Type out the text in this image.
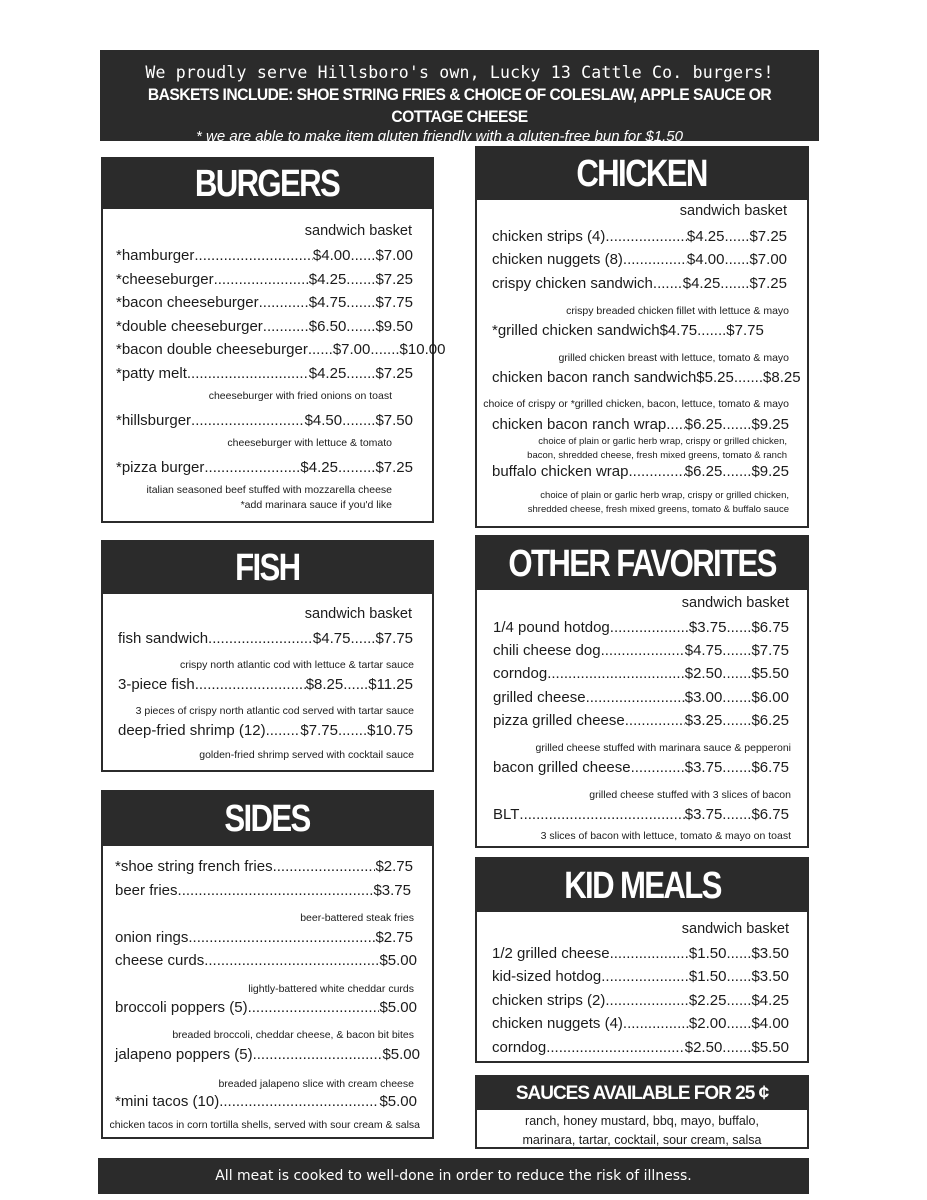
We proudly serve Hillsboro's own, Lucky 13 Cattle Co. burgers!
BASKETS INCLUDE: SHOE STRING FRIES & CHOICE OF COLESLAW, APPLE SAUCE OR COTTAGE CHEESE
* we are able to make item gluten friendly with a gluten-free bun for $1.50
BURGERS
sandwich basket
*hamburger .....	$4.00......$7.00
*cheeseburger .....	$4.25.......$7.25
*bacon cheeseburger .....	$4.75.......$7.75
*double cheeseburger .....	$6.50.......$9.50
*bacon double cheeseburger ......$7.00.......$10.00
*patty melt .....	$4.25.......$7.25
cheeseburger with fried onions on toast
*hillsburger .....	$4.50........$7.50
cheeseburger with lettuce & tomato
*pizza burger .....	$4.25.........$7.25
italian seasoned beef stuffed with mozzarella cheese
*add marinara sauce if you'd like
FISH
sandwich basket
fish sandwich .....	$4.75......$7.75
crispy north atlantic cod with lettuce & tartar sauce
3-piece fish .....	$8.25......$11.25
3 pieces of crispy north atlantic cod served with tartar sauce
deep-fried shrimp (12) ..... $7.75.......$10.75
golden-fried shrimp served with cocktail sauce
SIDES
*shoe string french fries .....	$2.75
beer fries .....	$3.75
beer-battered steak fries
onion rings .....	$2.75
cheese curds .....	$5.00
lightly-battered white cheddar curds
broccoli poppers (5) .....	$5.00
breaded broccoli, cheddar cheese, & bacon bit bites
jalapeno poppers (5) .....	$5.00
breaded jalapeno slice with cream cheese
*mini tacos (10) .....	$5.00
chicken tacos in corn tortilla shells, served with sour cream & salsa
CHICKEN
sandwich basket
chicken strips (4) .....	$4.25......$7.25
chicken nuggets (8) .....	$4.00......$7.00
crispy chicken sandwich ..... $4.25.......$7.25
crispy breaded chicken fillet with lettuce & mayo
*grilled chicken sandwich $4.75.......$7.75
grilled chicken breast with lettuce, tomato & mayo
chicken bacon ranch sandwich $5.25.......$8.25
choice of crispy or *grilled chicken, bacon, lettuce, tomato & mayo
chicken bacon ranch wrap ..... $6.25.......$9.25
choice of plain or garlic herb wrap, crispy or grilled chicken,
bacon, shredded cheese, fresh mixed greens, tomato & ranch
buffalo chicken wrap .....	$6.25.......$9.25
choice of plain or garlic herb wrap, crispy or grilled chicken,
shredded cheese, fresh mixed greens, tomato & buffalo sauce
OTHER FAVORITES
sandwich basket
1/4 pound hotdog .....	$3.75......$6.75
chili cheese dog .....	$4.75.......$7.75
corndog .....	$2.50.......$5.50
grilled cheese .....	$3.00.......$6.00
pizza grilled cheese .....	$3.25.......$6.25
grilled cheese stuffed with marinara sauce & pepperoni
bacon grilled cheese .....	$3.75.......$6.75
grilled cheese stuffed with 3 slices of bacon
BLT .....	$3.75.......$6.75
3 slices of bacon with lettuce, tomato & mayo on toast
KID MEALS
sandwich basket
1/2 grilled cheese .....	$1.50......$3.50
kid-sized hotdog .....	$1.50......$3.50
chicken strips (2) .....	$2.25......$4.25
chicken nuggets (4) .....	$2.00......$4.00
corndog .....	$2.50.......$5.50
SAUCES AVAILABLE FOR 25 ¢
ranch, honey mustard, bbq, mayo, buffalo,
marinara, tartar, cocktail, sour cream, salsa
All meat is cooked to well-done in order to reduce the risk of illness.
